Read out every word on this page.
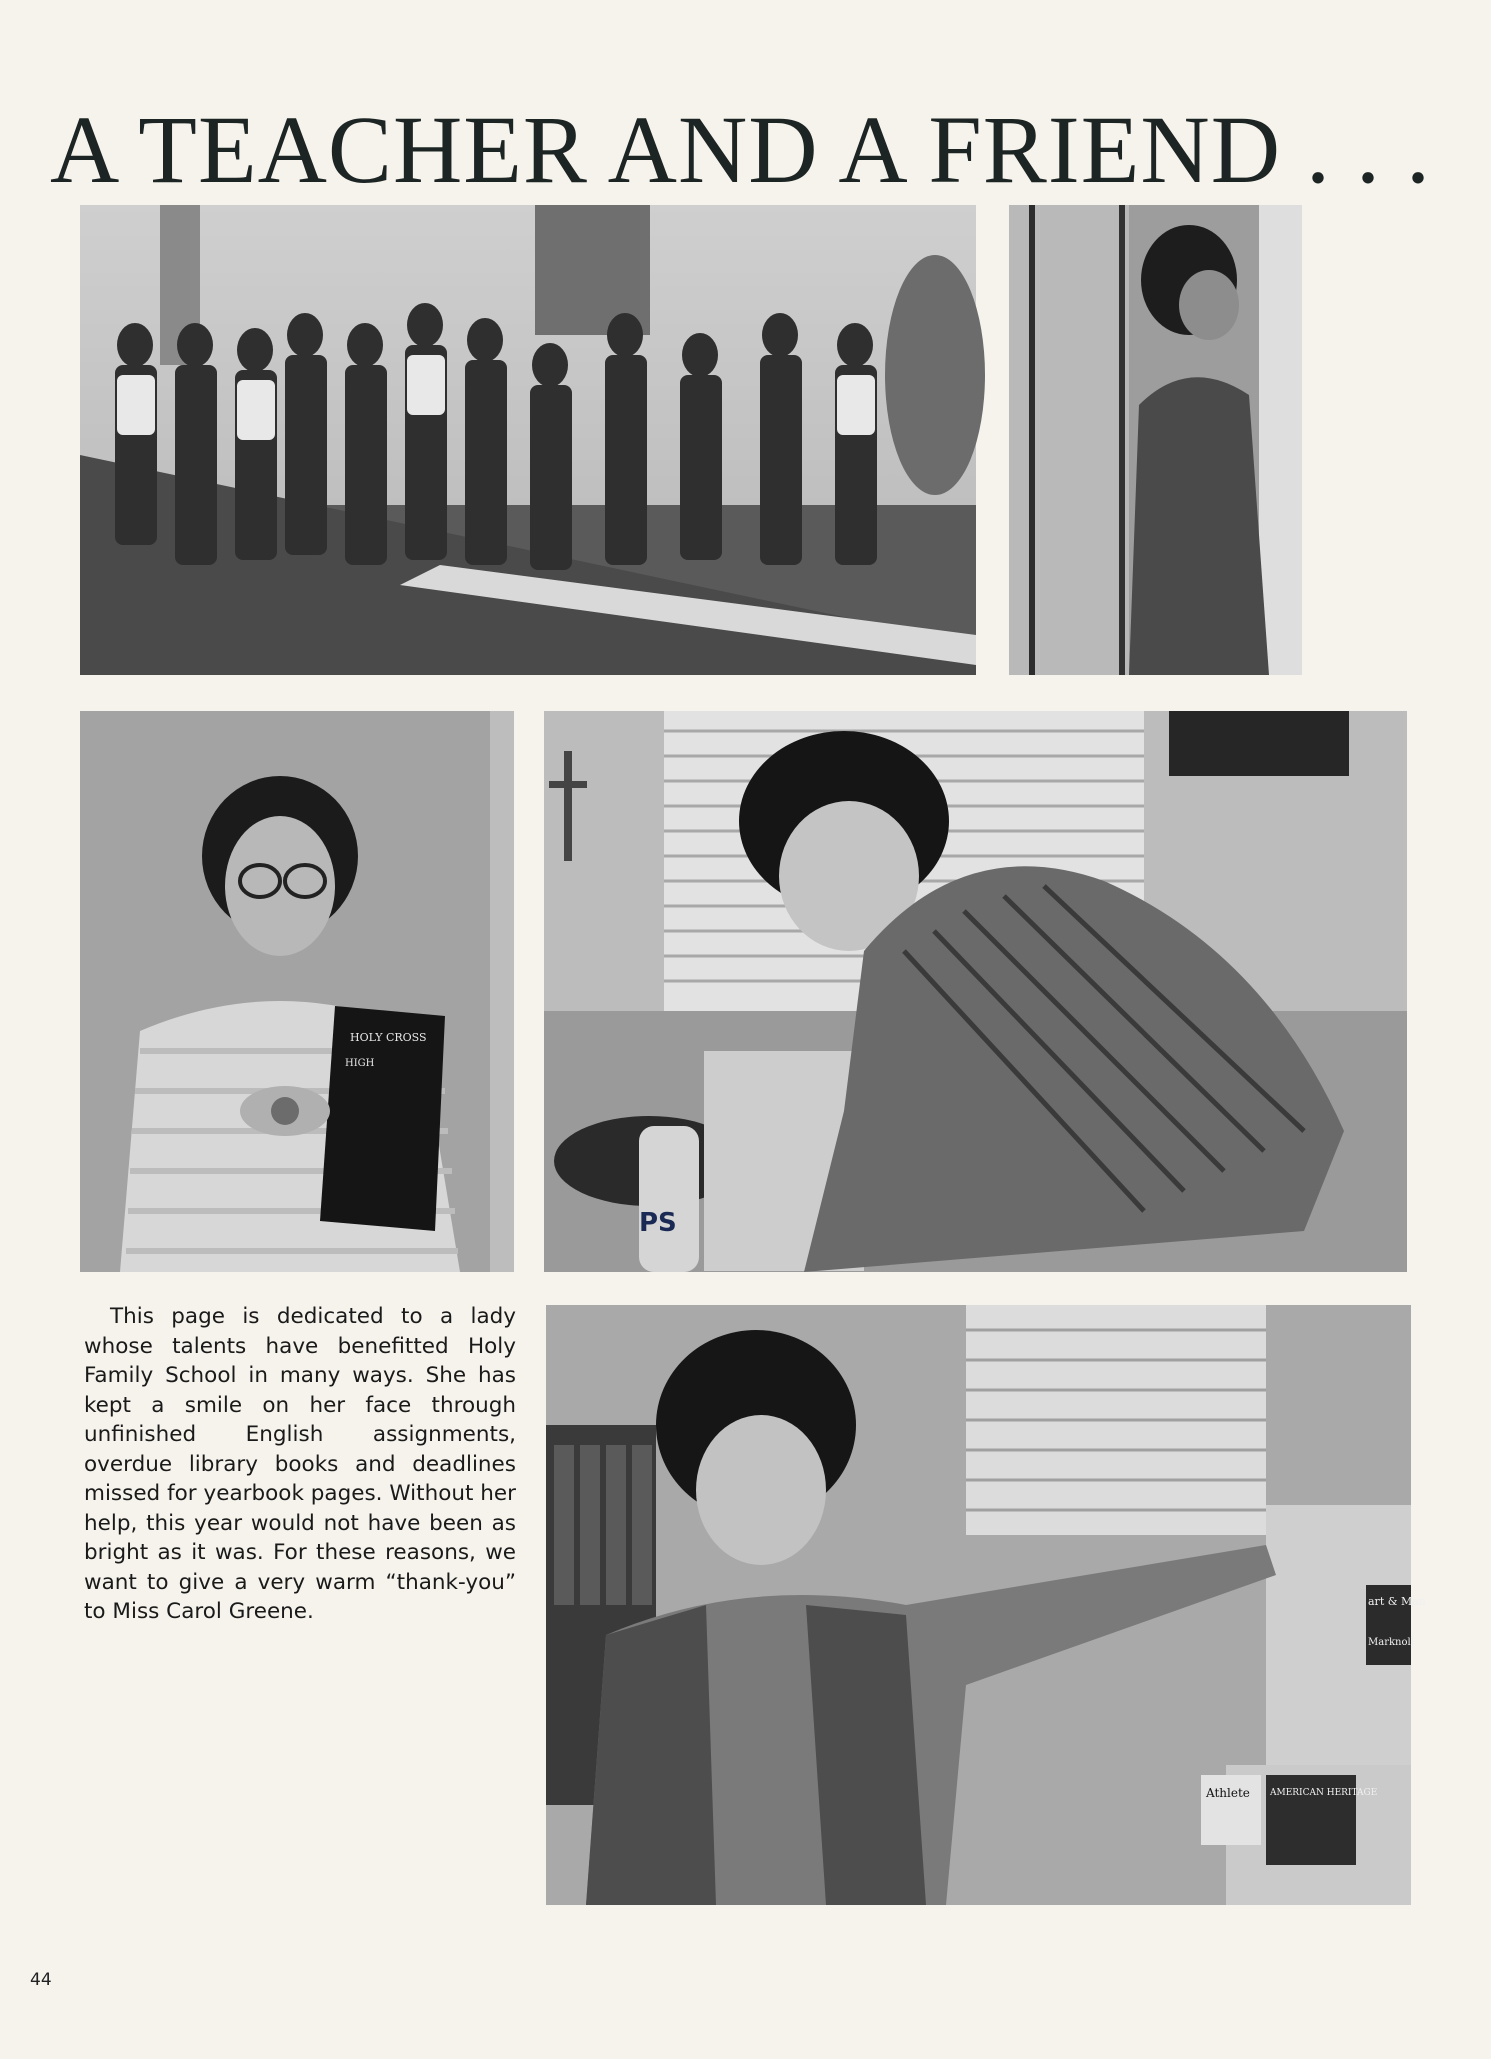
A TEACHER AND A FRIEND . . .
HOLY CROSS
HIGH
PS
art & Man
Marknoll
AMERICAN HERITAGE
Athlete

This page is dedicated to a lady whose talents have benefitted Holy Family School in many ways. She has kept a smile on her face through unfinished English assignments, overdue library books and deadlines missed for yearbook pages. Without her help, this year would not have been as bright as it was. For these reasons, we want to give a very warm “thank-you” to Miss Carol Greene.

44
